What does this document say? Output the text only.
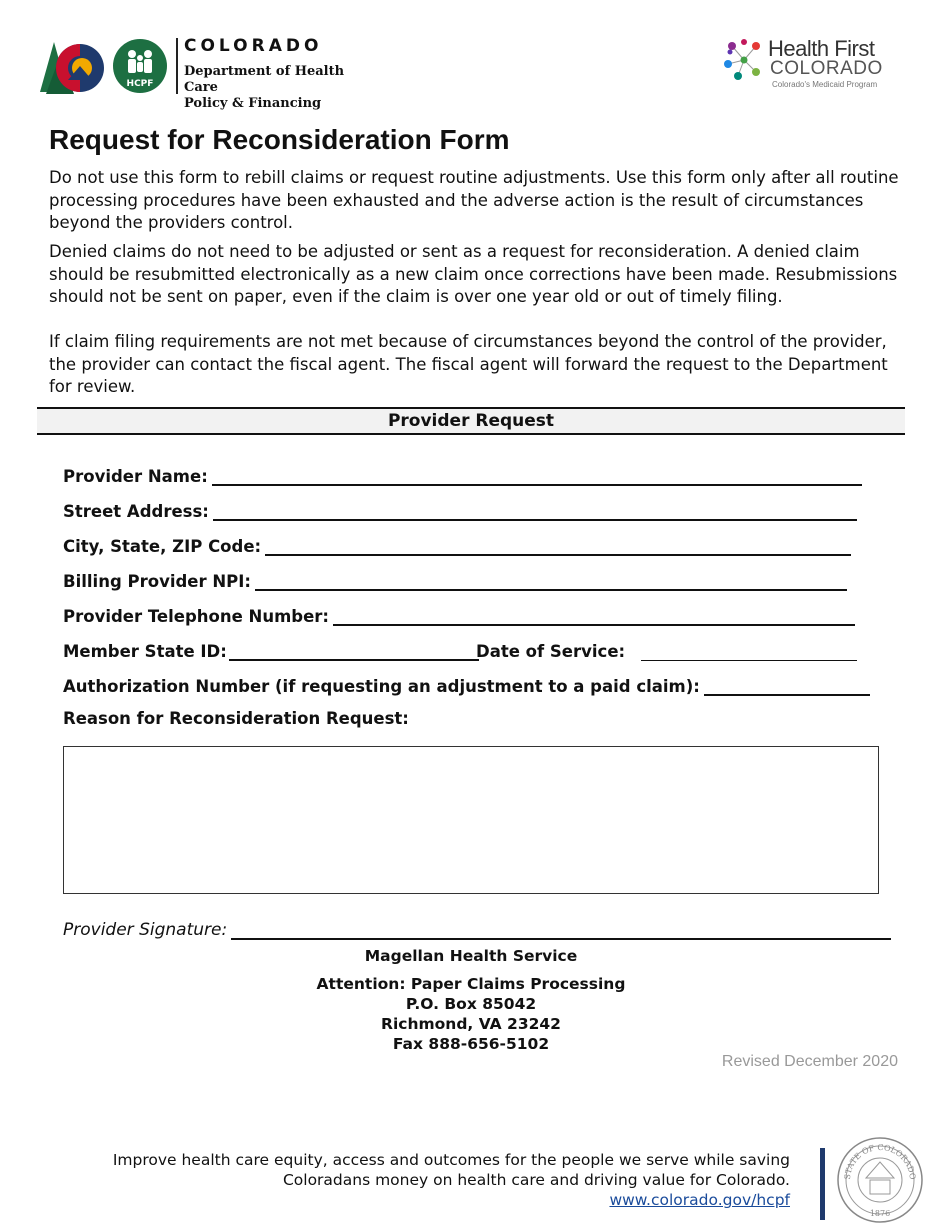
HCPF
COLORADO
Department of Health Care
Policy & Financing
Health First
COLORADO
Colorado's Medicaid Program
Request for Reconsideration Form
Do not use this form to rebill claims or request routine adjustments. Use this form only after all routine processing procedures have been exhausted and the adverse action is the result of circumstances beyond the providers control.
Denied claims do not need to be adjusted or sent as a request for reconsideration. A denied claim should be resubmitted electronically as a new claim once corrections have been made. Resubmissions should not be sent on paper, even if the claim is over one year old or out of timely filing.
If claim filing requirements are not met because of circumstances beyond the control of the provider, the provider can contact the fiscal agent. The fiscal agent will forward the request to the Department for review.
Provider Request
Provider Name:
Street Address:
City, State, ZIP Code:
Billing Provider NPI:
Provider Telephone Number:
Member State ID:	Date of Service:
Authorization Number (if requesting an adjustment to a paid claim):
Reason for Reconsideration Request:
Provider Signature:
Magellan Health Service
Attention: Paper Claims Processing
P.O. Box 85042
Richmond, VA 23242
Fax 888-656-5102
Revised December 2020
Improve health care equity, access and outcomes for the people we serve while saving
Coloradans money on health care and driving value for Colorado.
www.colorado.gov/hcpf
STATE OF COLORADO
1876
